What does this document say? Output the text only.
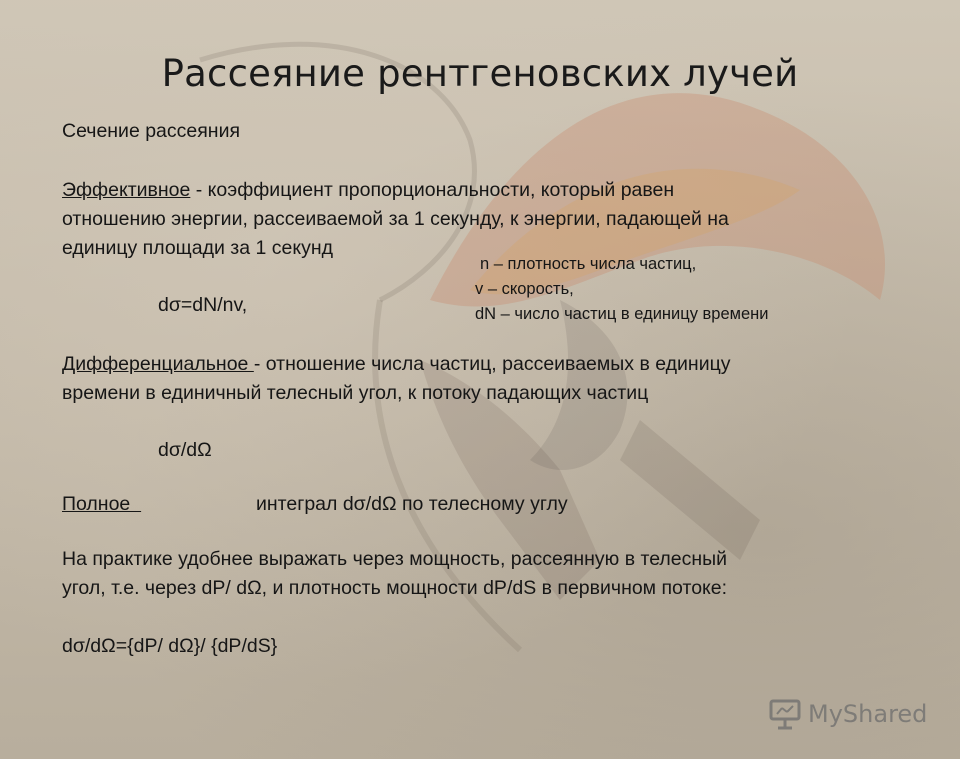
Рассеяние рентгеновских лучей

Сечение рассеяния

Эффективное - коэффициент пропорциональности, который равен

отношению энергии, рассеиваемой за 1 секунду, к энергии, падающей на

единицу площади за 1 секунд

n – плотность числа частиц,
v – скорость,
dN – число частиц в единицу времени

dσ=dN/nv,

Дифференциальное - отношение числа частиц, рассеиваемых в единицу

времени в единичный телесный угол, к потоку падающих частиц

dσ/dΩ

Полное	интеграл dσ/dΩ по телесному углу

На практике удобнее выражать через мощность, рассеянную в телесный

угол, т.е. через dP/ dΩ, и плотность мощности dP/dS в первичном потоке:

dσ/dΩ={dP/ dΩ}/ {dP/dS}

MyShared
